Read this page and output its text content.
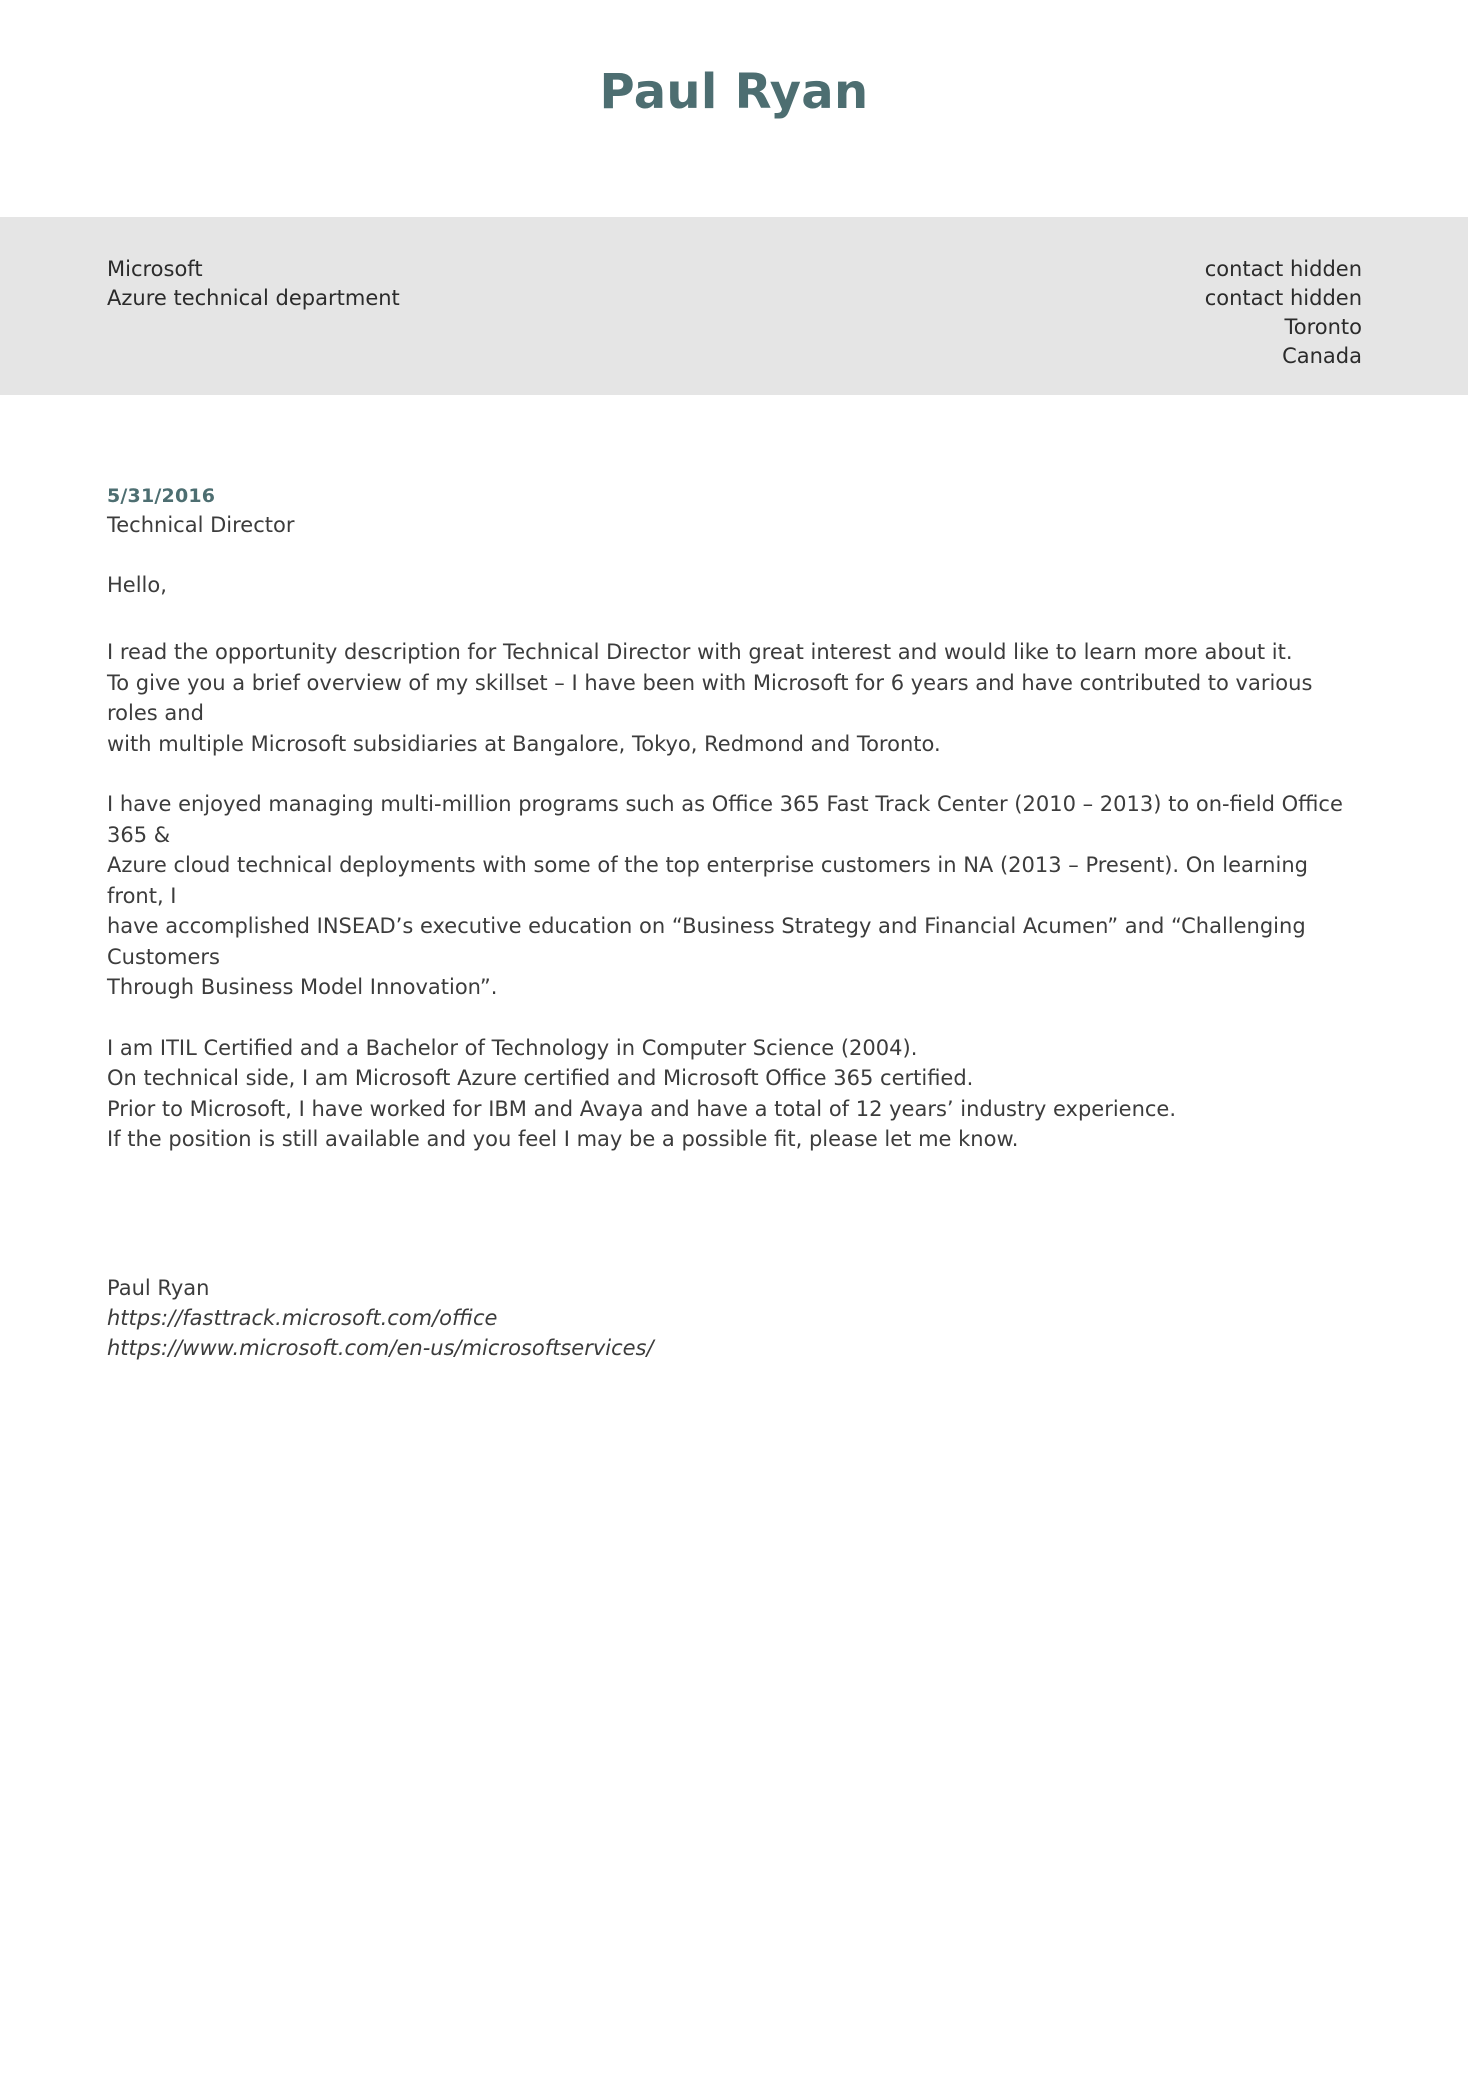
Paul Ryan
Microsoft
Azure technical department
contact hidden
contact hidden
Toronto
Canada
5/31/2016
Technical Director
Hello,
I read the opportunity description for Technical Director with great interest and would like to learn more about it.
To give you a brief overview of my skillset – I have been with Microsoft for 6 years and have contributed to various roles and
with multiple Microsoft subsidiaries at Bangalore, Tokyo, Redmond and Toronto.
I have enjoyed managing multi-million programs such as Office 365 Fast Track Center (2010 – 2013) to on-field Office 365 &
Azure cloud technical deployments with some of the top enterprise customers in NA (2013 – Present). On learning front, I
have accomplished INSEAD’s executive education on “Business Strategy and Financial Acumen” and “Challenging Customers
Through Business Model Innovation”.
I am ITIL Certified and a Bachelor of Technology in Computer Science (2004).
On technical side, I am Microsoft Azure certified and Microsoft Office 365 certified.
Prior to Microsoft, I have worked for IBM and Avaya and have a total of 12 years’ industry experience.
If the position is still available and you feel I may be a possible fit, please let me know.
Paul Ryan
https://fasttrack.microsoft.com/office
https://www.microsoft.com/en-us/microsoftservices/
